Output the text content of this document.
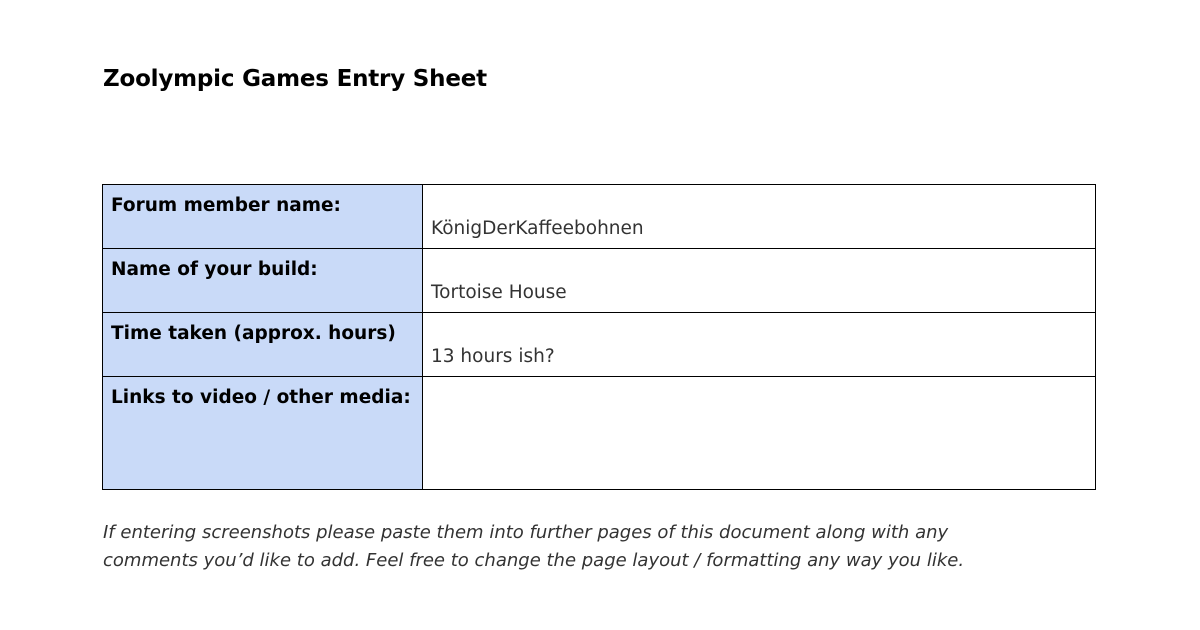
Zoolympic Games Entry Sheet
Forum member name:	KönigDerKaffeebohnen

Name of your build:	Tortoise House

Time taken (approx. hours)	13 hours ish?

Links to video / other media:	

If entering screenshots please paste them into further pages of this document along with any
comments you’d like to add. Feel free to change the page layout / formatting any way you like.
